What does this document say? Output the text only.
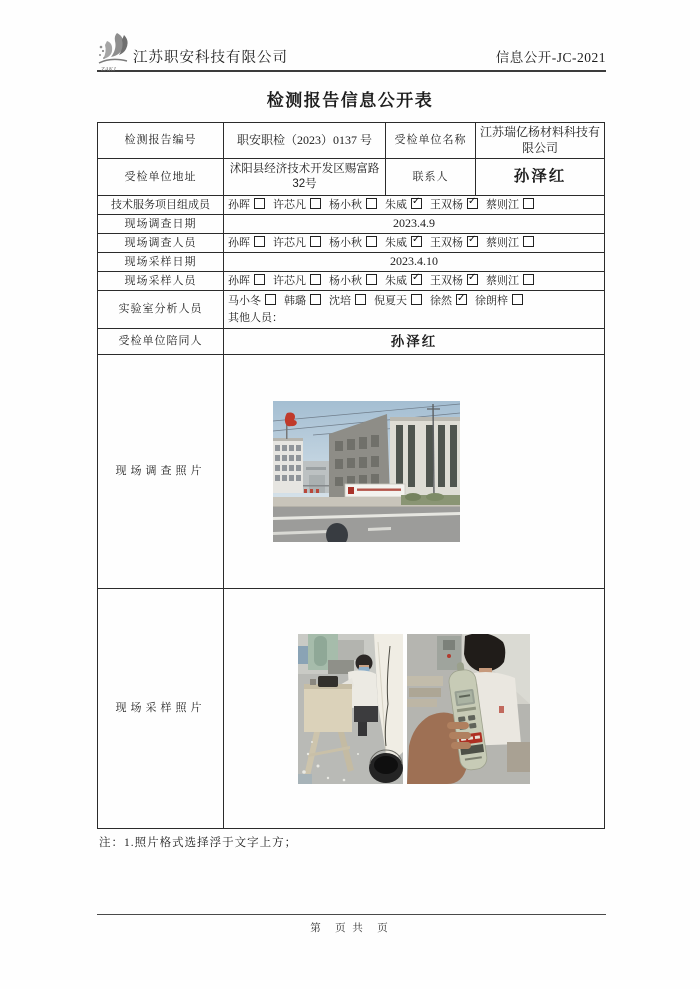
ZAKJ
江苏职安科技有限公司	信息公开-JC-2021
检测报告信息公开表
检测报告编号	职安职检（2023）0137 号	受检单位名称	江苏瑞亿杨材料科技有限公司
受检单位地址	沭阳县经济技术开发区赐富路32号	联系人	孙泽红
技术服务项目组成员	孙晖 许芯凡 杨小秋 朱威 ✓ 王双杨 ✓ 蔡则江
现场调查日期	2023.4.9		
现场调查人员	孙晖 许芯凡 杨小秋 朱威 ✓ 王双杨 ✓ 蔡则江
现场采样日期	2023.4.10		
现场采样人员	孙晖 许芯凡 杨小秋 朱威 ✓ 王双杨 ✓ 蔡则江
实验室分析人员	马小冬 韩璐 沈培 倪夏天 徐然 ✓ 徐朗梓
其他人员：

受检单位陪同人	孙泽红		
现场调查照片	

现场采样照片	
注：1.照片格式选择浮于文字上方；
第　页 共　页
